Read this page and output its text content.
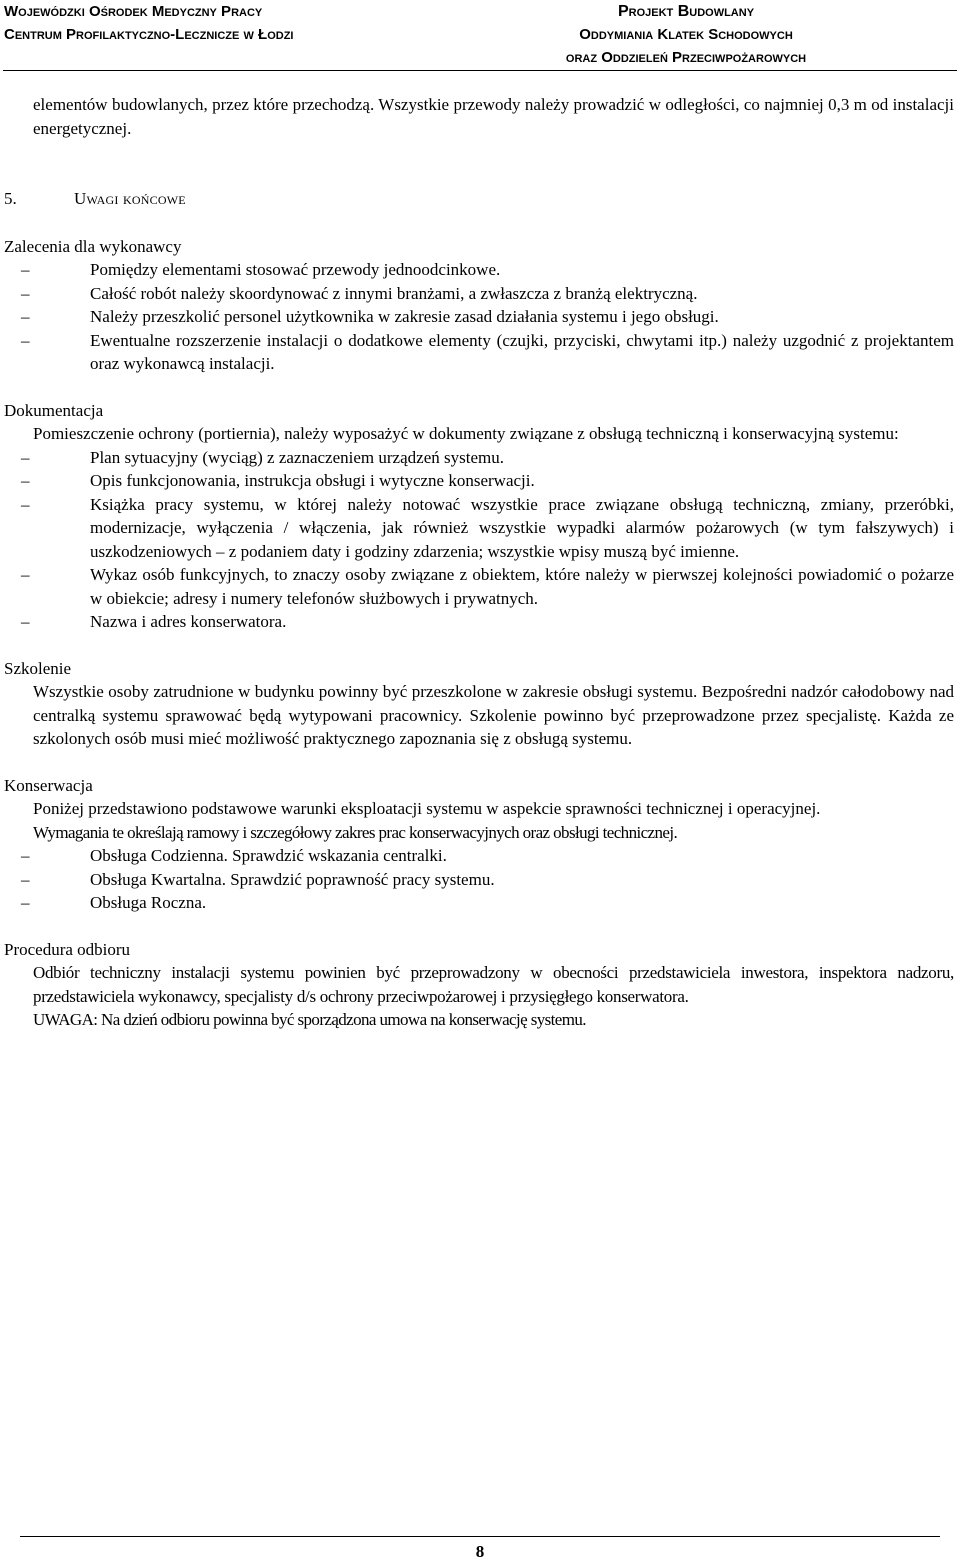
Wojewódzki Ośrodek Medyczny Pracy
Centrum Profilaktyczno-Lecznicze w Łodzi
Projekt Budowlany
Oddymiania Klatek Schodowych
oraz Oddzieleń Przeciwpożarowych

elementów budowlanych, przez które przechodzą. Wszystkie przewody należy prowadzić w odległości, co najmniej 0,3 m od instalacji energetycznej.

5.	Uwagi końcowe

Zalecenia dla wykonawcy

–	Pomiędzy elementami stosować przewody jednoodcinkowe.
–	Całość robót należy skoordynować z innymi branżami, a zwłaszcza z branżą elektryczną.
–	Należy przeszkolić personel użytkownika w zakresie zasad działania systemu i jego obsługi.
–	Ewentualne rozszerzenie instalacji o dodatkowe elementy (czujki, przyciski, chwytami itp.) należy uzgodnić z projektantem oraz wykonawcą instalacji.

Dokumentacja

Pomieszczenie ochrony (portiernia), należy wyposażyć w dokumenty związane z obsługą techniczną i konserwacyjną systemu:

–	Plan sytuacyjny (wyciąg) z zaznaczeniem urządzeń systemu.
–	Opis funkcjonowania, instrukcja obsługi i wytyczne konserwacji.
–	Książka pracy systemu, w której należy notować wszystkie prace związane obsługą techniczną, zmiany, przeróbki, modernizacje, wyłączenia / włączenia, jak również wszystkie wypadki alarmów pożarowych (w tym fałszywych) i uszkodzeniowych – z podaniem daty i godziny zdarzenia; wszystkie wpisy muszą być imienne.
–	Wykaz osób funkcyjnych, to znaczy osoby związane z obiektem, które należy w pierwszej kolejności powiadomić o pożarze w obiekcie; adresy i numery telefonów służbowych i prywatnych.
–	Nazwa i adres konserwatora.

Szkolenie

Wszystkie osoby zatrudnione w budynku powinny być przeszkolone w zakresie obsługi systemu. Bezpośredni nadzór całodobowy nad centralką systemu sprawować będą wytypowani pracownicy. Szkolenie powinno być przeprowadzone przez specjalistę. Każda ze szkolonych osób musi mieć możliwość praktycznego zapoznania się z obsługą systemu.

Konserwacja

Poniżej przedstawiono podstawowe warunki eksploatacji systemu w aspekcie sprawności technicznej i operacyjnej.

Wymagania te określają ramowy i szczegółowy zakres prac konserwacyjnych oraz obsługi technicznej.

–	Obsługa Codzienna. Sprawdzić wskazania centralki.
–	Obsługa Kwartalna. Sprawdzić poprawność pracy systemu.
–	Obsługa Roczna.

Procedura odbioru

Odbiór techniczny instalacji systemu powinien być przeprowadzony w obecności przedstawiciela inwestora, inspektora nadzoru, przedstawiciela wykonawcy, specjalisty d/s ochrony przeciwpożarowej i przysięgłego konserwatora.

UWAGA: Na dzień odbioru powinna być sporządzona umowa na konserwację systemu.

8
